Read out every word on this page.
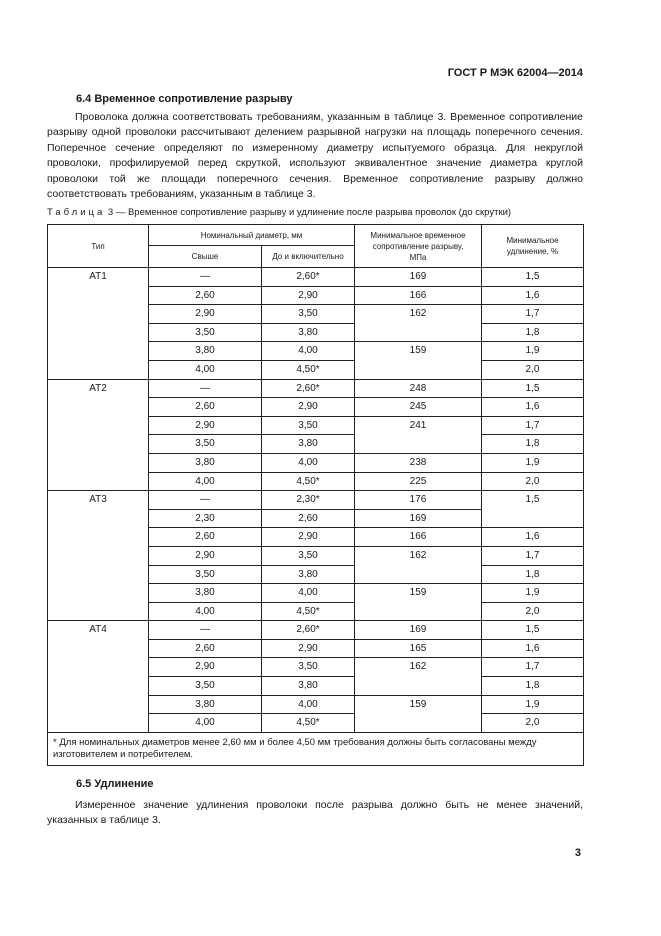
ГОСТ Р МЭК 62004—2014
6.4 Временное сопротивление разрыву
Проволока должна соответствовать требованиям, указанным в таблице 3. Временное сопротивление разрыву одной проволоки рассчитывают делением разрывной нагрузки на площадь поперечного сечения. Поперечное сечение определяют по измеренному диаметру испытуемого образца. Для некруглой проволоки, профилируемой перед скруткой, используют эквивалентное значение диаметра круглой проволоки той же площади поперечного сечения. Временное сопротивление разрыву должно соответствовать требованиям, указанным в таблице 3.
Таблица 3 — Временное сопротивление разрыву и удлинение после разрыва проволок (до скрутки)
Тип	Номинальный диаметр, мм		Минимальное временное сопротивление разрыву, МПа	Минимальное удлинение, %
	Свыше	До и включительно		
АТ1	—	2,60*	169	1,5
	2,60	2,90	166	1,6
	2,90	3,50	162	1,7
	3,50	3,80		1,8
	3,80	4,00	159	1,9
	4,00	4,50*		2,0
АТ2	—	2,60*	248	1,5
	2,60	2,90	245	1,6
	2,90	3,50	241	1,7
	3,50	3,80		1,8
	3,80	4,00	238	1,9
	4,00	4,50*	225	2,0
АТ3	—	2,30*	176	1,5
	2,30	2,60	169	
	2,60	2,90	166	1,6
	2,90	3,50	162	1,7
	3,50	3,80		1,8
	3,80	4,00	159	1,9
	4,00	4,50*		2,0
АТ4	—	2,60*	169	1,5
	2,60	2,90	165	1,6
	2,90	3,50	162	1,7
	3,50	3,80		1,8
	3,80	4,00	159	1,9
	4,00	4,50*		2,0
* Для номинальных диаметров менее 2,60 мм и более 4,50 мм требования должны быть согласованы между изготовителем и потребителем.				
6.5 Удлинение
Измеренное значение удлинения проволоки после разрыва должно быть не менее значений, указанных в таблице 3.
3
